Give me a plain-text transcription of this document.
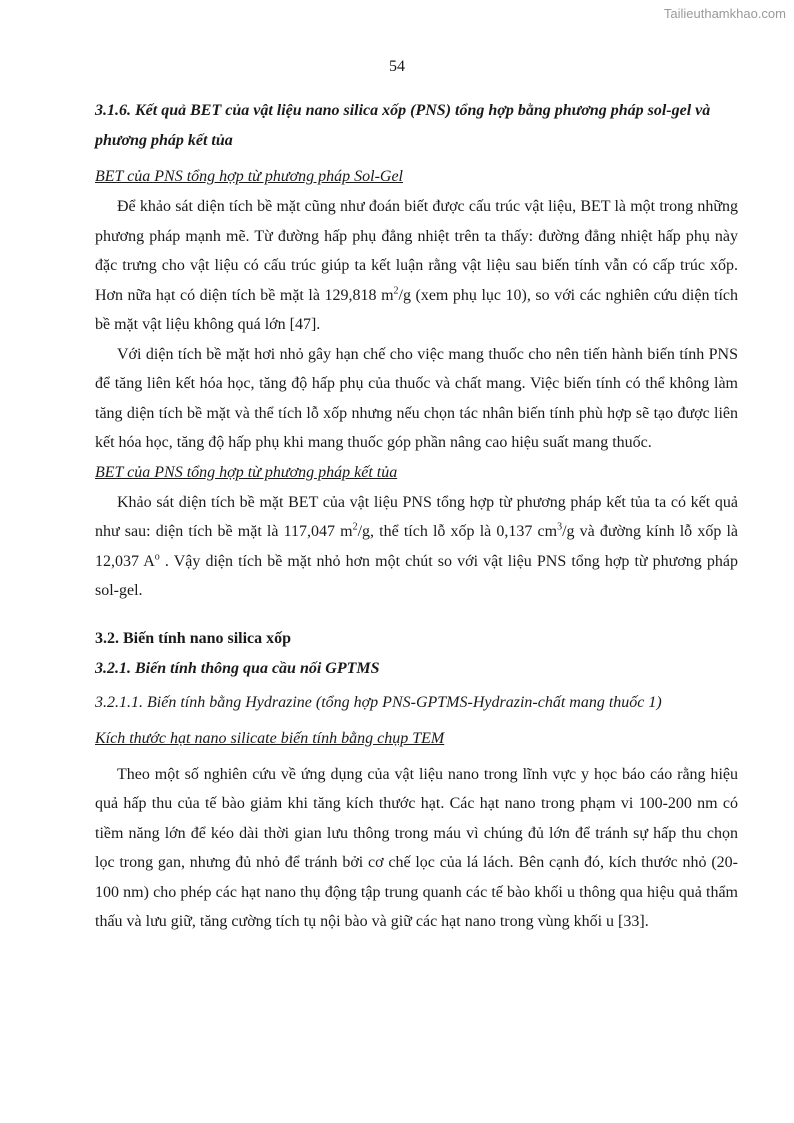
Tailieuthamkhao.com
54

3.1.6. Kết quả BET của vật liệu nano silica xốp (PNS) tổng hợp bằng phương pháp sol-gel và phương pháp kết tủa

BET của PNS tổng hợp từ phương pháp Sol-Gel

Để khảo sát diện tích bề mặt cũng như đoán biết được cấu trúc vật liệu, BET là một trong những phương pháp mạnh mẽ. Từ đường hấp phụ đẳng nhiệt trên ta thấy: đường đẳng nhiệt hấp phụ này đặc trưng cho vật liệu có cấu trúc giúp ta kết luận rằng vật liệu sau biến tính vẫn có cấp trúc xốp. Hơn nữa hạt có diện tích bề mặt là 129,818 $m^2/g$ (xem phụ lục 10), so với các nghiên cứu diện tích bề mặt vật liệu không quá lớn [47].

Với diện tích bề mặt hơi nhỏ gây hạn chế cho việc mang thuốc cho nên tiến hành biến tính PNS để tăng liên kết hóa học, tăng độ hấp phụ của thuốc và chất mang. Việc biến tính có thể không làm tăng diện tích bề mặt và thể tích lỗ xốp nhưng nếu chọn tác nhân biến tính phù hợp sẽ tạo được liên kết hóa học, tăng độ hấp phụ khi mang thuốc góp phần nâng cao hiệu suất mang thuốc.

BET của PNS tổng hợp từ phương pháp kết tủa

Khảo sát diện tích bề mặt BET của vật liệu PNS tổng hợp từ phương pháp kết tủa ta có kết quả như sau: diện tích bề mặt là 117,047 $m^2/g$, thể tích lỗ xốp là 0,137 $cm^3/g$ và đường kính lỗ xốp là 12,037 $A^o$ . Vậy diện tích bề mặt nhỏ hơn một chút so với vật liệu PNS tổng hợp từ phương pháp sol-gel.

3.2. Biến tính nano silica xốp

3.2.1. Biến tính thông qua cầu nối GPTMS

3.2.1.1. Biến tính bằng Hydrazine (tổng hợp PNS-GPTMS-Hydrazin-chất mang thuốc 1)

Kích thước hạt nano silicate biến tính bằng chụp TEM

Theo một số nghiên cứu về ứng dụng của vật liệu nano trong lĩnh vực y học báo cáo rằng hiệu quả hấp thu của tế bào giảm khi tăng kích thước hạt. Các hạt nano trong phạm vi 100-200 nm có tiềm năng lớn để kéo dài thời gian lưu thông trong máu vì chúng đủ lớn để tránh sự hấp thu chọn lọc trong gan, nhưng đủ nhỏ để tránh bởi cơ chế lọc của lá lách. Bên cạnh đó, kích thước nhỏ (20-100 nm) cho phép các hạt nano thụ động tập trung quanh các tế bào khối u thông qua hiệu quả thẩm thấu và lưu giữ, tăng cường tích tụ nội bào và giữ các hạt nano trong vùng khối u [33].
